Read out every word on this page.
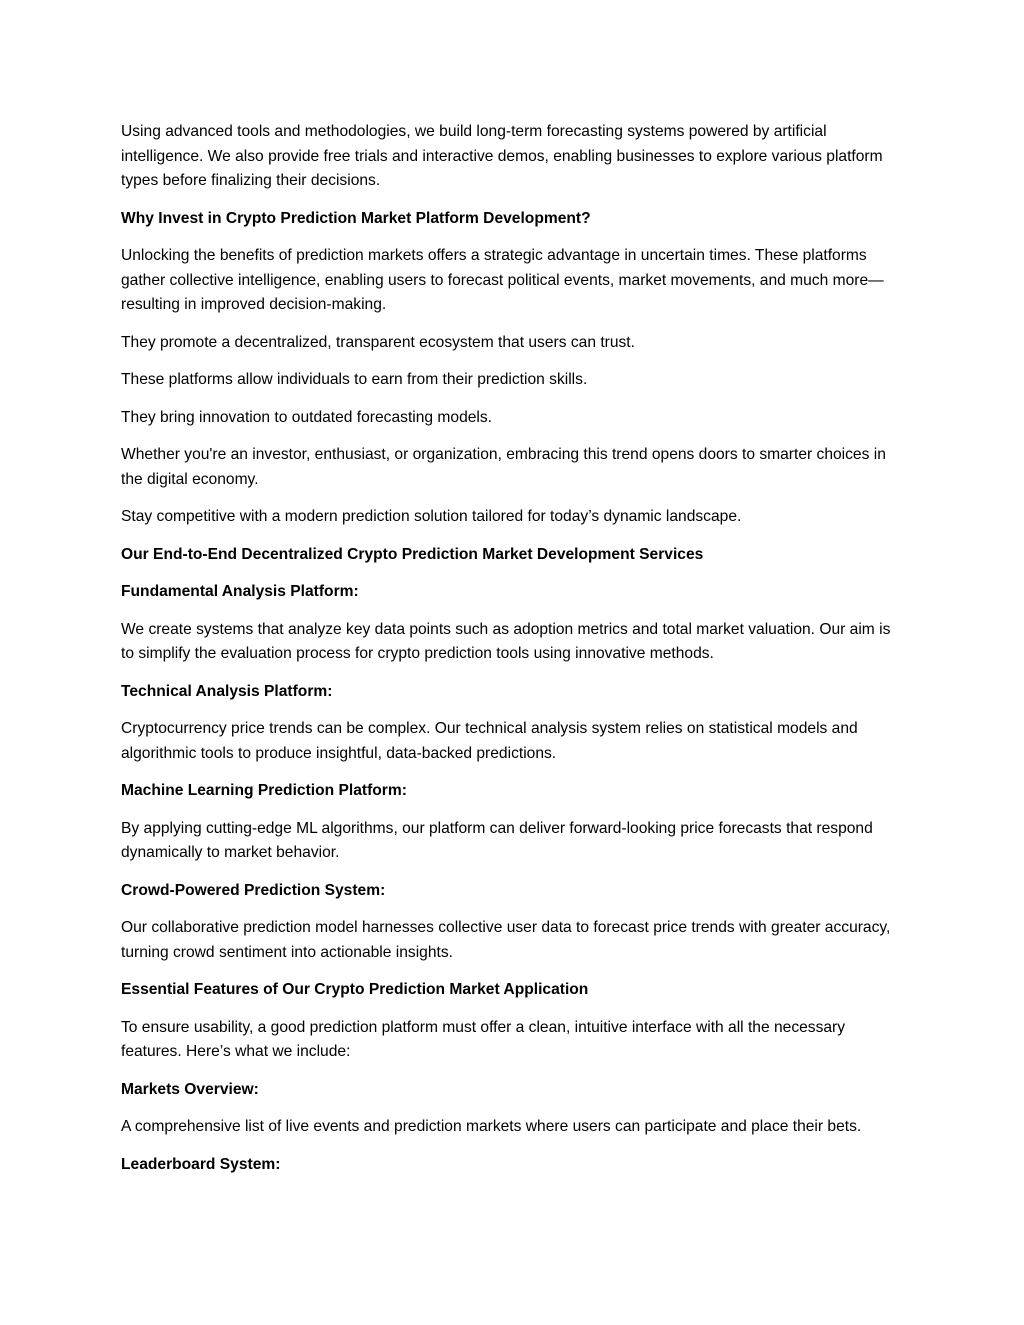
Using advanced tools and methodologies, we build long-term forecasting systems powered by artificial intelligence. We also provide free trials and interactive demos, enabling businesses to explore various platform types before finalizing their decisions.

Why Invest in Crypto Prediction Market Platform Development?

Unlocking the benefits of prediction markets offers a strategic advantage in uncertain times. These platforms gather collective intelligence, enabling users to forecast political events, market movements, and much more—resulting in improved decision-making.

They promote a decentralized, transparent ecosystem that users can trust.

These platforms allow individuals to earn from their prediction skills.

They bring innovation to outdated forecasting models.

Whether you're an investor, enthusiast, or organization, embracing this trend opens doors to smarter choices in the digital economy.

Stay competitive with a modern prediction solution tailored for today’s dynamic landscape.

Our End-to-End Decentralized Crypto Prediction Market Development Services

Fundamental Analysis Platform:

We create systems that analyze key data points such as adoption metrics and total market valuation. Our aim is to simplify the evaluation process for crypto prediction tools using innovative methods.

Technical Analysis Platform:

Cryptocurrency price trends can be complex. Our technical analysis system relies on statistical models and algorithmic tools to produce insightful, data-backed predictions.

Machine Learning Prediction Platform:

By applying cutting-edge ML algorithms, our platform can deliver forward-looking price forecasts that respond dynamically to market behavior.

Crowd-Powered Prediction System:

Our collaborative prediction model harnesses collective user data to forecast price trends with greater accuracy, turning crowd sentiment into actionable insights.

Essential Features of Our Crypto Prediction Market Application

To ensure usability, a good prediction platform must offer a clean, intuitive interface with all the necessary features. Here’s what we include:

Markets Overview:

A comprehensive list of live events and prediction markets where users can participate and place their bets.

Leaderboard System:
